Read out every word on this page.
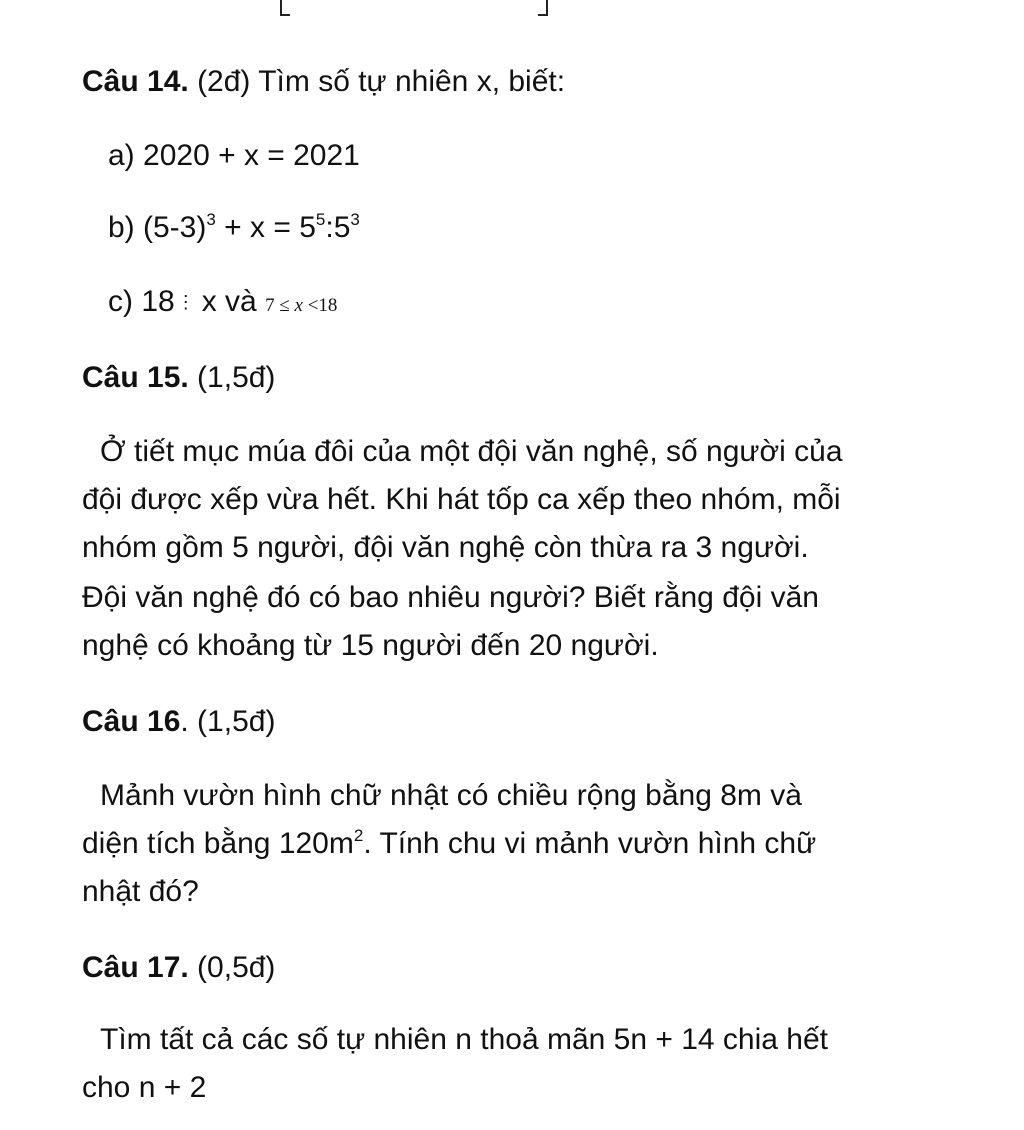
Câu 14. (2đ) Tìm số tự nhiên x, biết:
a) 2020 + x = 2021
b) $(5-3)^3 + x$ = $5^5:5^3$
c) 18 ⋮ x và 7 ≤ x <18
Câu 15. (1,5đ)
Ở tiết mục múa đôi của một đội văn nghệ, số người của
đội được xếp vừa hết. Khi hát tốp ca xếp theo nhóm, mỗi
nhóm gồm 5 người, đội văn nghệ còn thừa ra 3 người.
Đội văn nghệ đó có bao nhiêu người? Biết rằng đội văn
nghệ có khoảng từ 15 người đến 20 người.
Câu 16. (1,5đ)
Mảnh vườn hình chữ nhật có chiều rộng bằng 8m và
diện tích bằng $120m^2$. Tính chu vi mảnh vườn hình chữ
nhật đó?
Câu 17. (0,5đ)
Tìm tất cả các số tự nhiên n thoả mãn 5n + 14 chia hết
cho n + 2
